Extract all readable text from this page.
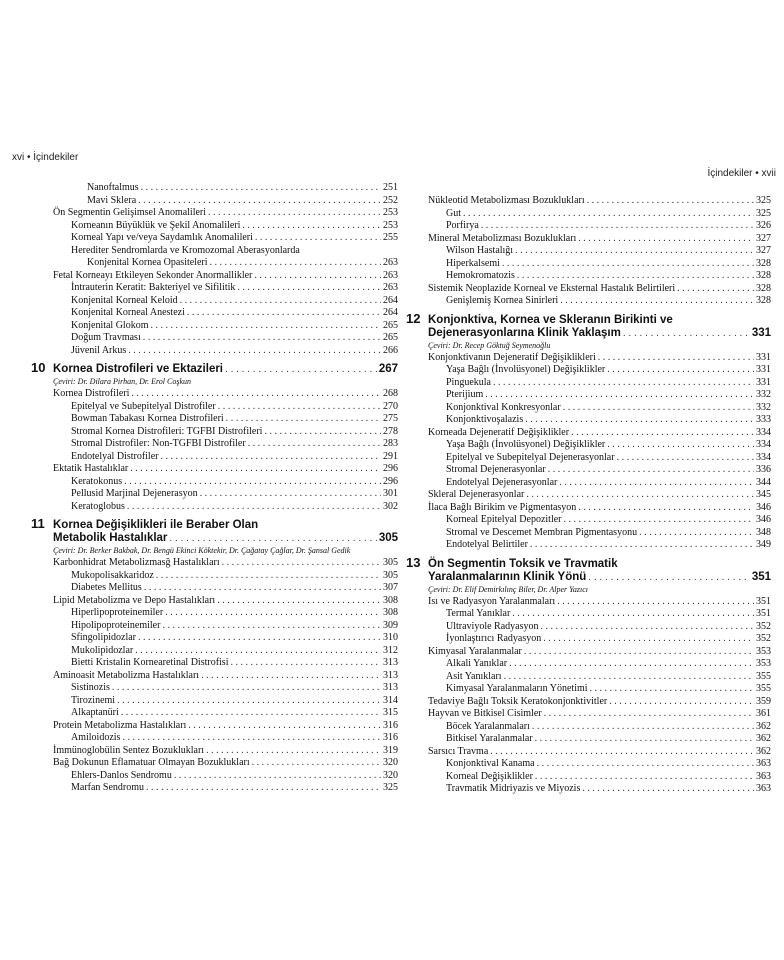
xvi • İçindekiler
İçindekiler • xvii
Nanoftalmus . . .	251
Mavi Sklera . . .	252
Ön Segmentin Gelişimsel Anomalileri . . .	253
Korneanın Büyüklük ve Şekil Anomalileri . . .	253
Korneal Yapı ve/veya Saydamlık Anomalileri . . .	255
Herediter Sendromlarda ve Kromozomal Aberasyonlarda
Konjenital Kornea Opasiteleri . . .	263
Fetal Korneayı Etkileyen Sekonder Anormallikler . . .	263
İntrauterin Keratit: Bakteriyel ve Sifilitik . . .	263
Konjenital Korneal Keloid . . .	264
Konjenital Korneal Anestezi . . .	264
Konjenital Glokom . . .	265
Doğum Travması . . .	265
Jüvenil Arkus . . .	266
10 Kornea Distrofileri ve Ektazileri . . .	267
Çeviri: Dr. Dilara Pirhan, Dr. Erol Coşkun
Kornea Distrofileri . . .	268
Epitelyal ve Subepitelyal Distrofiler . . .	270
Bowman Tabakası Kornea Distrofileri . . .	275
Stromal Kornea Distrofileri: TGFBI Distrofileri . . .	278
Stromal Distrofiler: Non-TGFBI Distrofiler . . .	283
Endotelyal Distrofiler . . .	291
Ektatik Hastalıklar . . .	296
Keratokonus . . .	296
Pellusid Marjinal Dejenerasyon . . .	301
Keratoglobus . . .	302
11 Kornea Değişiklikleri ile Beraber Olan
Metabolik Hastalıklar . . .	305
Çeviri: Dr. Berker Bakbak, Dr. Bengü Ekinci Köktekir, Dr. Çağatay Çağlar, Dr. Şansal Gedik
Karbonhidrat Metabolizmasğ Hastalıkları . . .	305
Mukopolisakkaridoz . . .	305
Diabetes Mellitus . . .	307
Lipid Metabolizma ve Depo Hastalıkları . . .	308
Hiperlipoproteinemiler . . .	308
Hipolipoproteinemiler . . .	309
Sfingolipidozlar . . .	310
Mukolipidozlar . . .	312
Bietti Kristalin Kornearetinal Distrofisi . . .	313
Aminoasit Metabolizma Hastalıkları . . .	313
Sistinozis . . .	313
Tirozinemi . . .	314
Alkaptanüri . . .	315
Protein Metabolizma Hastalıkları . . .	316
Amiloidozis . . .	316
İmmünoglobülin Sentez Bozuklukları . . .	319
Bağ Dokunun Eflamatuar Olmayan Bozuklukları . . .	320
Ehlers-Danlos Sendromu . . .	320
Marfan Sendromu . . .	325
Nükleotid Metabolizması Bozuklukları . . .	325
Gut . . .	325
Porfirya . . .	326
Mineral Metabolizması Bozuklukları . . .	327
Wilson Hastalığı . . .	327
Hiperkalsemi . . .	328
Hemokromatozis . . .	328
Sistemik Neoplazide Korneal ve Eksternal Hastalık Belirtileri . . .	328
Genişlemiş Kornea Sinirleri . . .	328
12 Konjonktiva, Kornea ve Skleranın Birikinti ve
Dejenerasyonlarına Klinik Yaklaşım . . .	331
Çeviri: Dr. Recep Göktuğ Seymenoğlu
Konjonktivanın Dejeneratif Değişiklikleri . . .	331
Yaşa Bağlı (İnvolüsyonel) Değişiklikler . . .	331
Pinguekula . . .	331
Pterijium . . .	332
Konjonktival Konkresyonlar . . .	332
Konjonktivoşalazis . . .	333
Korneada Dejeneratif Değişiklikler . . .	334
Yaşa Bağlı (İnvolüsyonel) Değişiklikler . . .	334
Epitelyal ve Subepitelyal Dejenerasyonlar . . .	334
Stromal Dejenerasyonlar . . .	336
Endotelyal Dejenerasyonlar . . .	344
Skleral Dejenerasyonlar . . .	345
İlaca Bağlı Birikim ve Pigmentasyon . . .	346
Korneal Epitelyal Depozitler . . .	346
Stromal ve Descemet Membran Pigmentasyonu . . .	348
Endotelyal Belirtiler . . .	349
13 Ön Segmentin Toksik ve Travmatik
Yaralanmalarının Klinik Yönü . . .	351
Çeviri: Dr. Elif Demirkılınç Biler, Dr. Alper Yazıcı
Isı ve Radyasyon Yaralanmaları . . .	351
Termal Yanıklar . . .	351
Ultraviyole Radyasyon . . .	352
İyonlaştırıcı Radyasyon . . .	352
Kimyasal Yaralanmalar . . .	353
Alkali Yanıklar . . .	353
Asit Yanıkları . . .	355
Kimyasal Yaralanmaların Yönetimi . . .	355
Tedaviye Bağlı Toksik Keratokonjonktivitler . . .	359
Hayvan ve Bitkisel Cisimler . . .	361
Böcek Yaralanmaları . . .	362
Bitkisel Yaralanmalar . . .	362
Sarsıcı Travma . . .	362
Konjonktival Kanama . . .	363
Korneal Değişiklikler . . .	363
Travmatik Midriyazis ve Miyozis . . .	363
